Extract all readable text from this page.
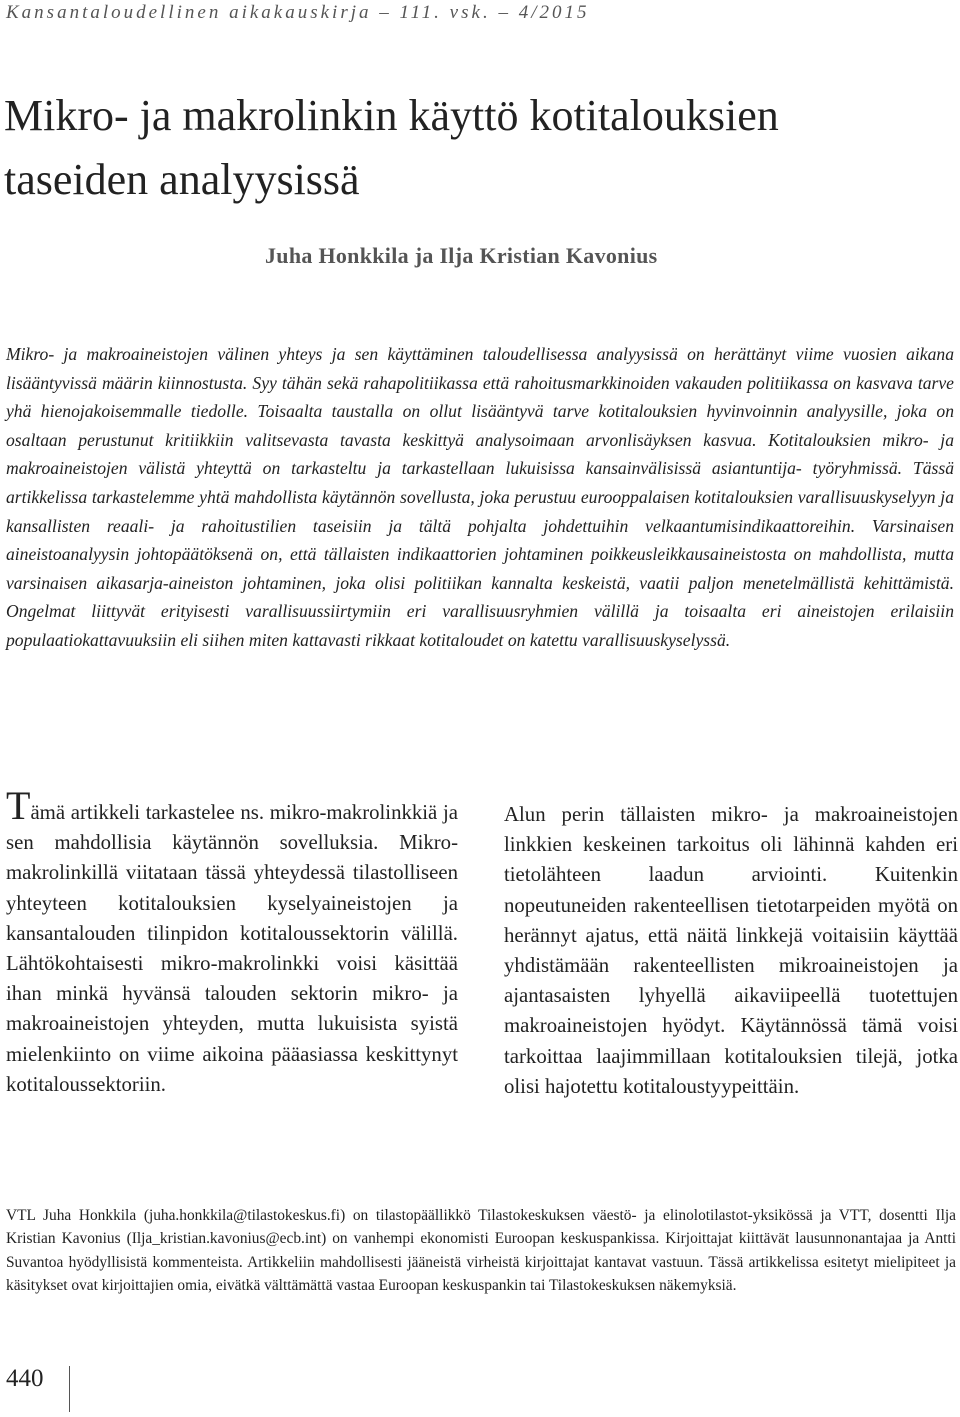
Kansantaloudellinen aikakauskirja – 111. vsk. – 4/2015
Mikro- ja makrolinkin käyttö kotitalouksien
taseiden analyysissä
Juha Honkkila ja Ilja Kristian Kavonius

Mikro- ja makroaineistojen välinen yhteys ja sen käyttäminen taloudellisessa analyysissä on herättänyt viime vuosien aikana lisääntyvissä määrin kiinnostusta. Syy tähän sekä rahapolitiikassa että rahoitusmarkkinoiden vakauden politiikassa on kasvava tarve yhä hienojakoisemmalle tiedolle. Toisaalta taustalla on ollut lisääntyvä tarve kotitalouksien hyvinvoinnin analyysille, joka on osaltaan perustunut kritiikkiin valitsevasta tavasta keskittyä analysoimaan arvonlisäyksen kasvua. Kotitalouksien mikro- ja makroaineistojen välistä yhteyttä on tarkasteltu ja tarkastellaan lukuisissa kansainvälisissä asiantuntija- työryhmissä. Tässä artikkelissa tarkastelemme yhtä mahdollista käytännön sovellusta, joka perustuu eurooppalaisen kotitalouksien varallisuuskyselyyn ja kansallisten reaali- ja rahoitustilien taseisiin ja tältä pohjalta johdettuihin velkaantumisindikaattoreihin. Varsinaisen aineistoanalyysin johtopäätöksenä on, että tällaisten indikaattorien johtaminen poikkeusleikkausaineistosta on mahdollista, mutta varsinaisen aikasarja-aineiston johtaminen, joka olisi politiikan kannalta keskeistä, vaatii paljon menetelmällistä kehittämistä. Ongelmat liittyvät erityisesti varallisuussiirtymiin eri varallisuusryhmien välillä ja toisaalta eri aineistojen erilaisiin populaatiokattavuuksiin eli siihen miten kattavasti rikkaat kotitaloudet on katettu varallisuuskyselyssä.

Tämä artikkeli tarkastelee ns. mikro-makrolinkkiä ja sen mahdollisia käytännön sovelluksia. Mikro-makrolinkillä viitataan tässä yhteydessä tilastolliseen yhteyteen kotitalouksien kyselyaineistojen ja kansantalouden tilinpidon kotitaloussektorin välillä. Lähtökohtaisesti mikro-makrolinkki voisi käsittää ihan minkä hyvänsä talouden sektorin mikro- ja makroaineistojen yhteyden, mutta lukuisista syistä mielenkiinto on viime aikoina pääasiassa keskittynyt kotitaloussektoriin.

Alun perin tällaisten mikro- ja makroaineistojen linkkien keskeinen tarkoitus oli lähinnä kahden eri tietolähteen laadun arviointi. Kuitenkin nopeutuneiden rakenteellisen tietotarpeiden myötä on herännyt ajatus, että näitä linkkejä voitaisiin käyttää yhdistämään rakenteellisten mikroaineistojen ja ajantasaisten lyhyellä aikaviipeellä tuotettujen makroaineistojen hyödyt. Käytännössä tämä voisi tarkoittaa laajimmillaan kotitalouksien tilejä, jotka olisi hajotettu kotitaloustyypeittäin.

VTL Juha Honkkila (juha.honkkila@tilastokeskus.fi) on tilastopäällikkö Tilastokeskuksen väestö- ja elinolotilastot-yksikössä ja VTT, dosentti Ilja Kristian Kavonius (Ilja_kristian.kavonius@ecb.int) on vanhempi ekonomisti Euroopan keskuspankissa. Kirjoittajat kiittävät lausunnonantajaa ja Antti Suvantoa hyödyllisistä kommenteista. Artikkeliin mahdollisesti jääneistä virheistä kirjoittajat kantavat vastuun. Tässä artikkelissa esitetyt mielipiteet ja käsitykset ovat kirjoittajien omia, eivätkä välttämättä vastaa Euroopan keskuspankin tai Tilastokeskuksen näkemyksiä.

440
